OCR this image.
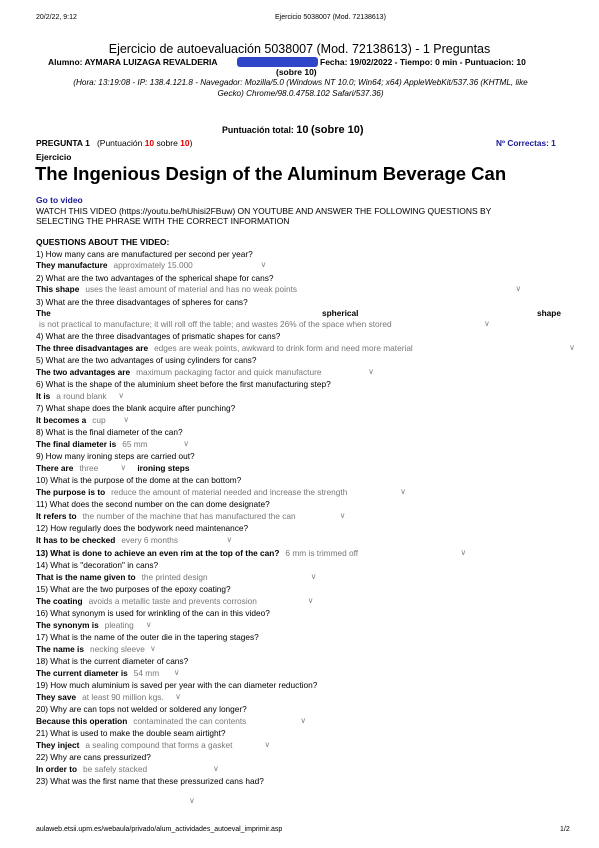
20/2/22, 9:12	Ejercicio 5038007 (Mod. 72138613)
Ejercicio de autoevaluación 5038007 (Mod. 72138613) - 1 Preguntas
Alumno: AYMARA LUIZAGA REVALDERIA	Fecha: 19/02/2022 - Tiempo: 0 min - Puntuacion: 10
(sobre 10)
(Hora: 13:19:08 - IP: 138.4.121.8 - Navegador: Mozilla/5.0 (Windows NT 10.0; Win64; x64) AppleWebKit/537.36 (KHTML, like
Gecko) Chrome/98.0.4758.102 Safari/537.36)
Puntuación total: 10 (sobre 10)
PREGUNTA 1 (Puntuación 10 sobre 10)	Nº Correctas: 1
Ejercicio
The Ingenious Design of the Aluminum Beverage Can
Go to video
WATCH THIS VIDEO (https://youtu.be/hUhisi2FBuw) ON YOUTUBE AND ANSWER THE FOLLOWING QUESTIONS BY
SELECTING THE PHRASE WITH THE CORRECT INFORMATION
QUESTIONS ABOUT THE VIDEO:
1) How many cans are manufactured per second per year?
They manufacture approximately 15.000	∨
2) What are the two advantages of the spherical shape for cans?
This shape uses the least amount of material and has no weak points	∨
3) What are the three disadvantages of spheres for cans?
The	spherical	shape
is not practical to manufacture; it will roll off the table; and wastes 26% of the space when stored	∨
4) What are the three disadvantages of prismatic shapes for cans?
The three disadvantages are edges are weak points, awkward to drink form and need more material	∨
5) What are the two advantages of using cylinders for cans?
The two advantages are maximum packaging factor and quick manufacture	∨
6) What is the shape of the aluminium sheet before the first manufacturing step?
It is a round blank ∨
7) What shape does the blank acquire after punching?
It becomes a cup ∨
8) What is the final diameter of the can?
The final diameter is 65 mm	∨
9) How many ironing steps are carried out?
There are three	∨ ironing steps
10) What is the purpose of the dome at the can bottom?
The purpose is to reduce the amount of material needed and increase the strength	∨
11) What does the second number on the can dome designate?
It refers to the number of the machine that has manufactured the can	∨
12) How regularly does the bodywork need maintenance?
It has to be checked every 6 months	∨
13) What is done to achieve an even rim at the top of the can? 6 mm is trimmed off	∨
14) What is "decoration" in cans?
That is the name given to the printed design	∨
15) What are the two purposes of the epoxy coating?
The coating avoids a metallic taste and prevents corrosion	∨
16) What synonym is used for wrinkling of the can in this video?
The synonym is pleating ∨
17) What is the name of the outer die in the tapering stages?
The name is necking sleeve ∨
18) What is the current diameter of cans?
The current diameter is 54 mm ∨
19) How much aluminium is saved per year with the can diameter reduction?
They save at least 90 million kgs. ∨
20) Why are can tops not welded or soldered any longer?
Because this operation contaminated the can contents	∨
21) What is used to make the double seam airtight?
They inject a sealing compound that forms a gasket	∨
22) Why are cans pressurized?
In order to be safely stacked	∨
23) What was the first name that these pressurized cans had?
∨
aulaweb.etsii.upm.es/webaula/privado/alum_actividades_autoeval_imprimir.asp	1/2
